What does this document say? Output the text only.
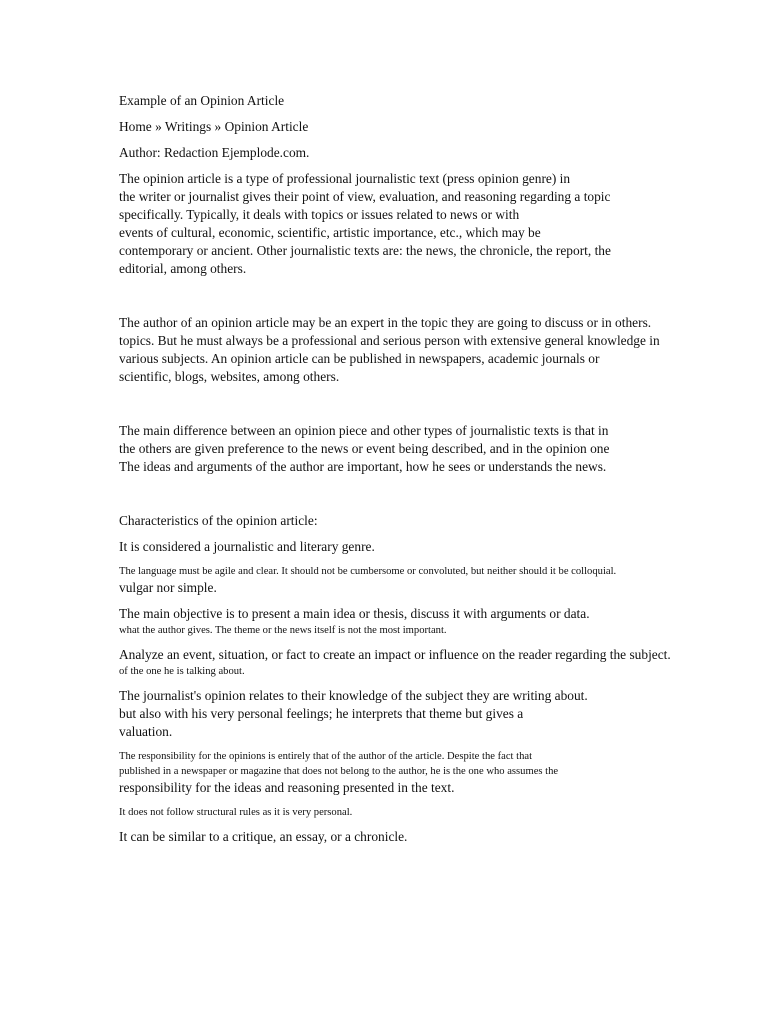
Example of an Opinion Article
Home » Writings » Opinion Article
Author: Redaction Ejemplode.com.
The opinion article is a type of professional journalistic text (press opinion genre) in
the writer or journalist gives their point of view, evaluation, and reasoning regarding a topic
specifically. Typically, it deals with topics or issues related to news or with
events of cultural, economic, scientific, artistic importance, etc., which may be
contemporary or ancient. Other journalistic texts are: the news, the chronicle, the report, the
editorial, among others.
The author of an opinion article may be an expert in the topic they are going to discuss or in others.
topics. But he must always be a professional and serious person with extensive general knowledge in
various subjects. An opinion article can be published in newspapers, academic journals or
scientific, blogs, websites, among others.
The main difference between an opinion piece and other types of journalistic texts is that in
the others are given preference to the news or event being described, and in the opinion one
The ideas and arguments of the author are important, how he sees or understands the news.
Characteristics of the opinion article:
It is considered a journalistic and literary genre.
The language must be agile and clear. It should not be cumbersome or convoluted, but neither should it be colloquial.
vulgar nor simple.
The main objective is to present a main idea or thesis, discuss it with arguments or data.
what the author gives. The theme or the news itself is not the most important.
Analyze an event, situation, or fact to create an impact or influence on the reader regarding the subject.
of the one he is talking about.
The journalist's opinion relates to their knowledge of the subject they are writing about.
but also with his very personal feelings; he interprets that theme but gives a
valuation.
The responsibility for the opinions is entirely that of the author of the article. Despite the fact that
published in a newspaper or magazine that does not belong to the author, he is the one who assumes the
responsibility for the ideas and reasoning presented in the text.
It does not follow structural rules as it is very personal.
It can be similar to a critique, an essay, or a chronicle.
